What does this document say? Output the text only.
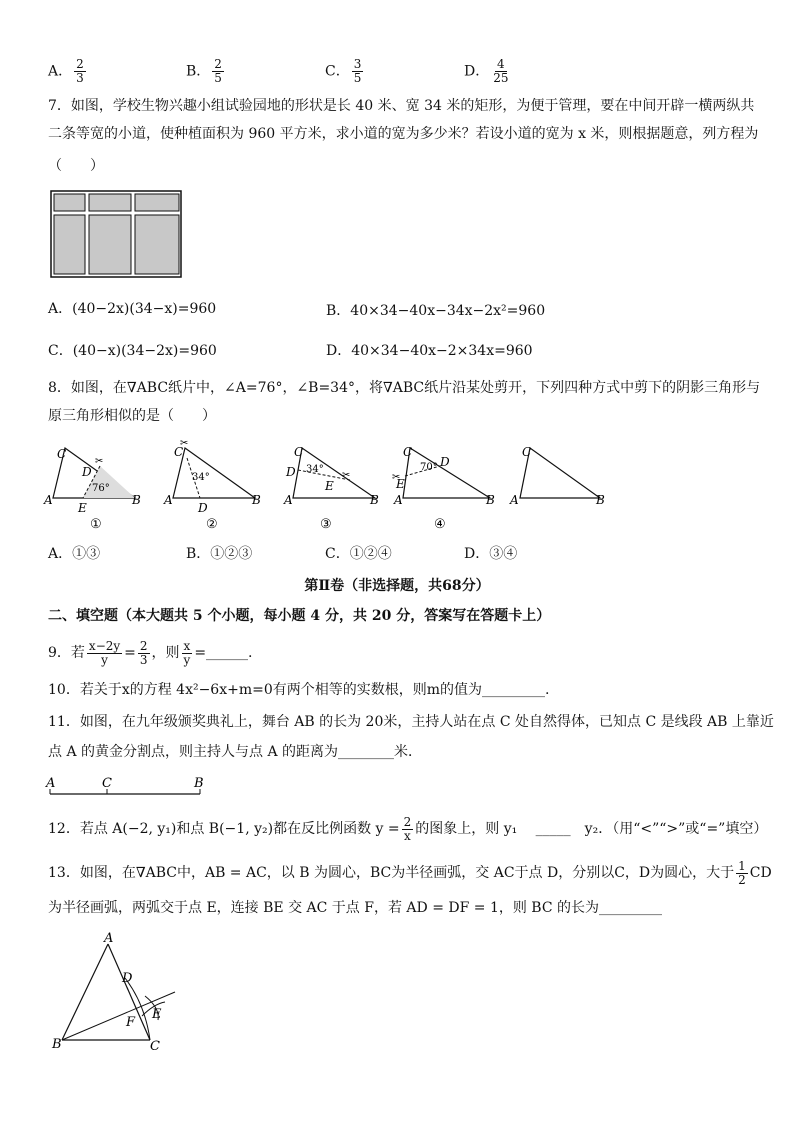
A． $\frac{2}{3}$	B． $\frac{2}{5}$	C． $\frac{3}{5}$	D． $\frac{4}{25}$
7．如图，学校生物兴趣小组试验园地的形状是长 40 米、宽 34 米的矩形，为便于管理，要在中间开辟一横两纵共
二条等宽的小道，使种植面积为 960 平方米，求小道的宽为多少米？若设小道的宽为 x 米，则根据题意，列方程为
（　　）
A．(40−2x)(34−x)=960	B．40×34−40x−34x−2x²=960
C．(40−x)(34−2x)=960	D．40×34−40x−2×34x=960
8．如图，在∇ABC纸片中，∠A=76°，∠B=34°，将∇ABC纸片沿某处剪开，下列四种方式中剪下的阴影三角形与
原三角形相似的是（　　）
C
D
76°
A	B
E
✂
①
C
34°
A	B
D
✂
②
C
D 34°
E
A	B
✂
③
C
70° D
E
A	B
✂
④
C
A	B
A．①③	B．①②③	C．①②④	D．③④
第Ⅱ卷（非选择题，共68分）
二、填空题（本大题共 5 个小题，每小题 4 分，共 20 分，答案写在答题卡上）
9．若 $\frac{x-2y}{y} = \frac{2}{3}$ ，则 $\frac{x}{y}$ =______.
10．若关于x的方程 4x²−6x+m=0有两个相等的实数根，则m的值为_________.
11．如图，在九年级颁奖典礼上，舞台 AB 的长为 20米，主持人站在点 C 处自然得体，已知点 C 是线段 AB 上靠近
点 A 的黄金分割点，则主持人与点 A 的距离为________米．
A	C	B
12．若点 A(−2, y₁)和点 B(−1, y₂)都在反比例函数 $y = \frac{2}{x}$ 的图象上，则 y₁ 　_____　y₂．（用“<”“>”或“=”填空）
13．如图，在∇ABC中，AB = AC，以 B 为圆心，BC为半径画弧，交 AC于点 D，分别以C，D为圆心，大于 $\frac{1}{2}$ CD
为半径画弧，两弧交于点 E，连接 BE 交 AC 于点 F，若 AD = DF = 1，则 BC 的长为_________
A
B	C
D
E
F
